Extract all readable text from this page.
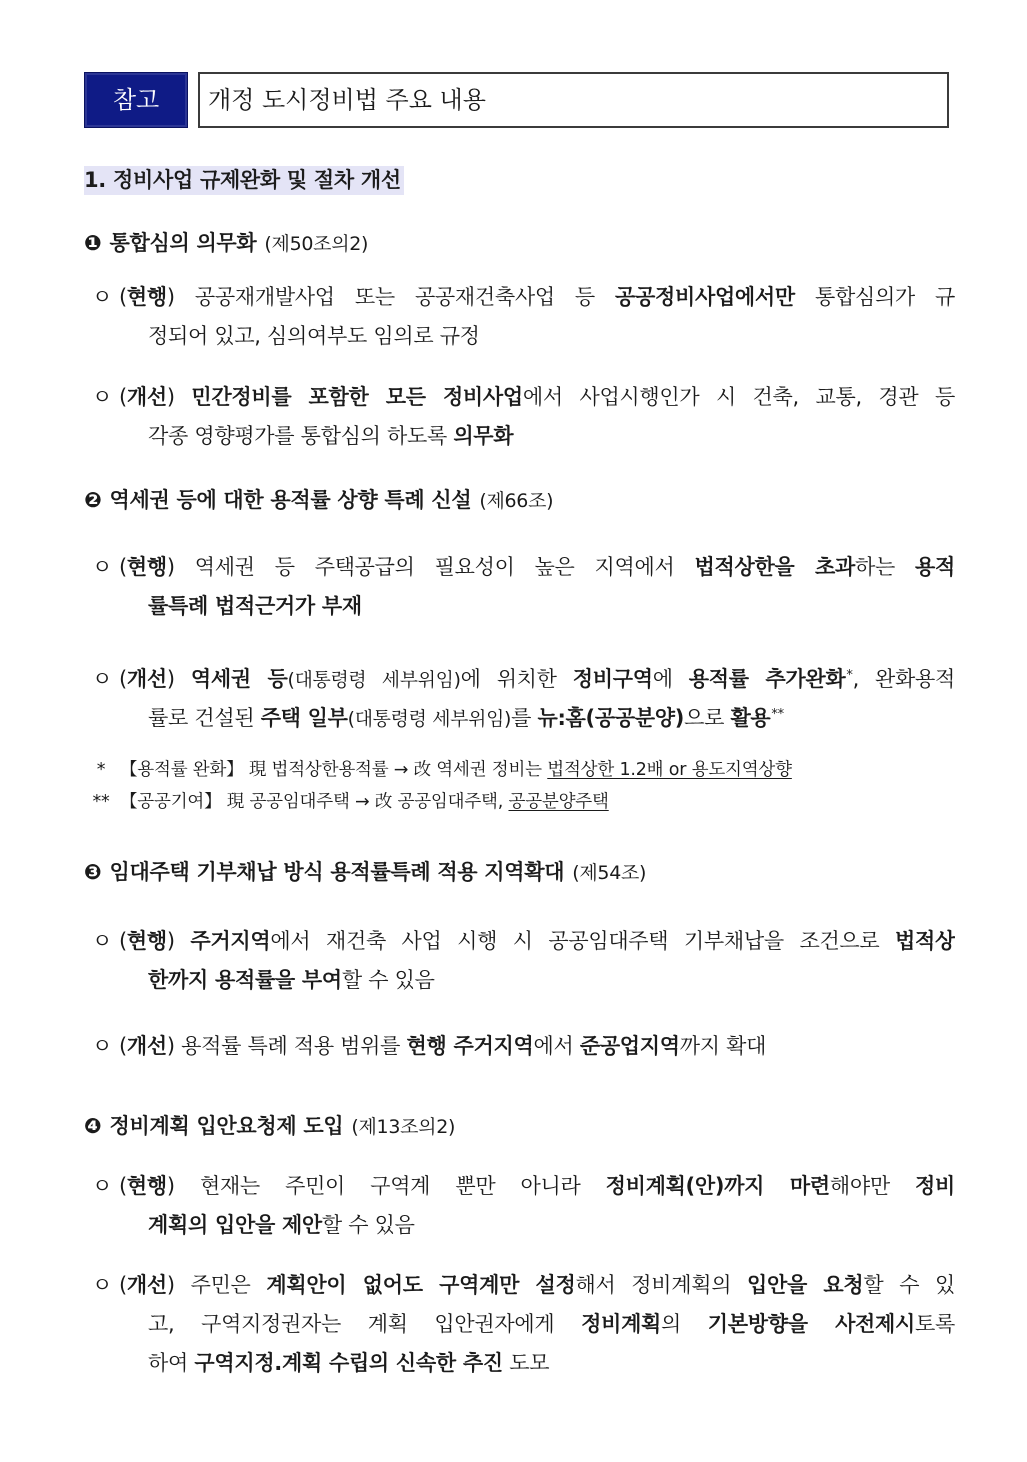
참고	개정 도시정비법 주요 내용
1. 정비사업 규제완화 및 절차 개선
❶ 통합심의 의무화 (제50조의2)
ㅇ (현행) 공공재개발사업 또는 공공재건축사업 등 공공정비사업에서만 통합심의가 규
정되어 있고, 심의여부도 임의로 규정
ㅇ (개선) 민간정비를 포함한 모든 정비사업에서 사업시행인가 시 건축, 교통, 경관 등
각종 영향평가를 통합심의 하도록 의무화
❷ 역세권 등에 대한 용적률 상향 특례 신설 (제66조)
ㅇ (현행) 역세권 등 주택공급의 필요성이 높은 지역에서 법적상한을 초과하는 용적
률특례 법적근거가 부재
ㅇ (개선) 역세권 등(대통령령 세부위임)에 위치한 정비구역에 용적률 추가완화*, 완화용적
률로 건설된 주택 일부(대통령령 세부위임)를 뉴:홈(공공분양)으로 활용**
* 【용적률 완화】 現 법적상한용적률 → 改 역세권 정비는 법적상한 1.2배 or 용도지역상향
** 【공공기여】 現 공공임대주택 → 改 공공임대주택, 공공분양주택
❸ 임대주택 기부채납 방식 용적률특례 적용 지역확대 (제54조)
ㅇ (현행) 주거지역에서 재건축 사업 시행 시 공공임대주택 기부채납을 조건으로 법적상
한까지 용적률을 부여할 수 있음
ㅇ (개선) 용적률 특례 적용 범위를 현행 주거지역에서 준공업지역까지 확대
❹ 정비계획 입안요청제 도입 (제13조의2)
ㅇ (현행) 현재는 주민이 구역계 뿐만 아니라 정비계획(안)까지 마련해야만 정비
계획의 입안을 제안할 수 있음
ㅇ (개선) 주민은 계획안이 없어도 구역계만 설정해서 정비계획의 입안을 요청할 수 있
고, 구역지정권자는 계획 입안권자에게 정비계획의 기본방향을 사전제시토록
하여 구역지정.계획 수립의 신속한 추진 도모
